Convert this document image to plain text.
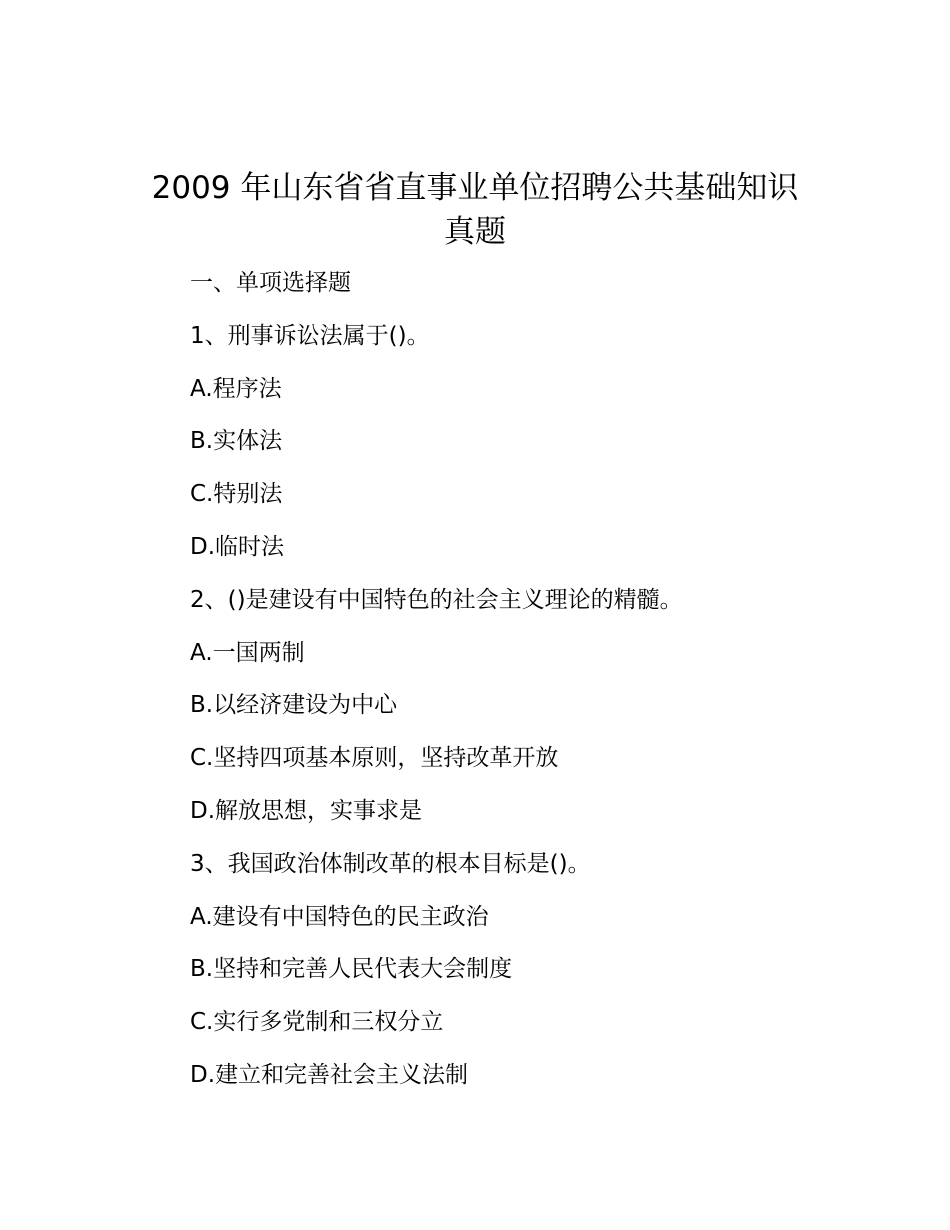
2009 年山东省省直事业单位招聘公共基础知识真题
一、单项选择题
1、刑事诉讼法属于()。
A.程序法
B.实体法
C.特别法
D.临时法
2、()是建设有中国特色的社会主义理论的精髓。
A.一国两制
B.以经济建设为中心
C.坚持四项基本原则，坚持改革开放
D.解放思想，实事求是
3、我国政治体制改革的根本目标是()。
A.建设有中国特色的民主政治
B.坚持和完善人民代表大会制度
C.实行多党制和三权分立
D.建立和完善社会主义法制
